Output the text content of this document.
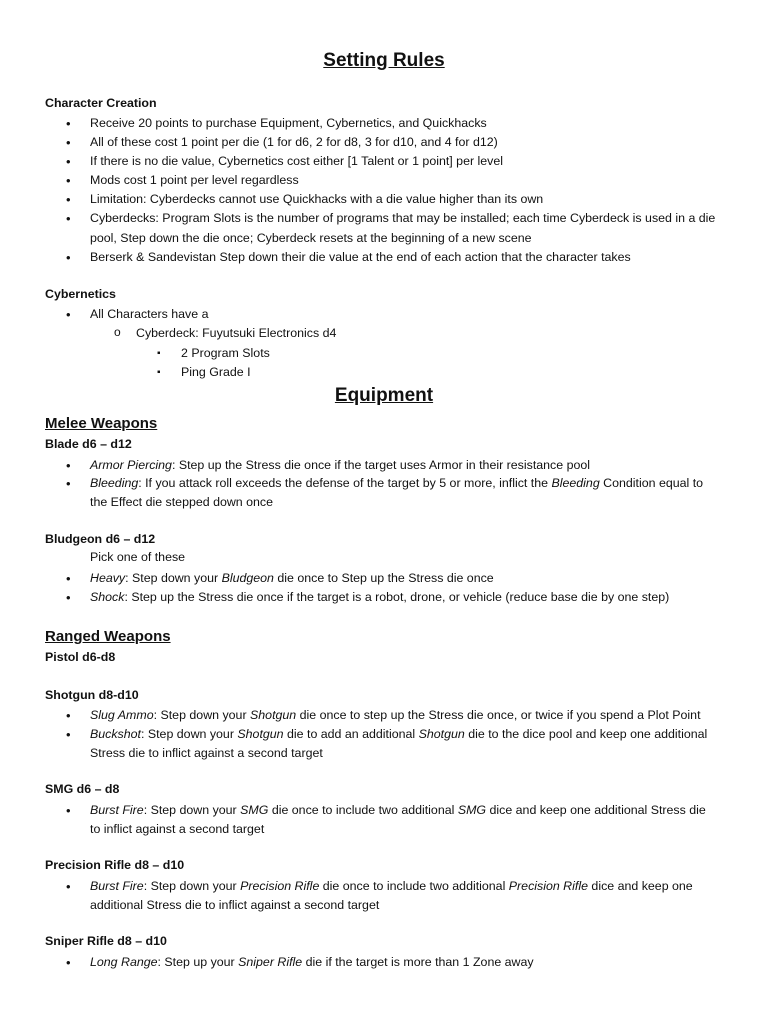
Setting Rules
Character Creation
• Receive 20 points to purchase Equipment, Cybernetics, and Quickhacks
• All of these cost 1 point per die (1 for d6, 2 for d8, 3 for d10, and 4 for d12)
• If there is no die value, Cybernetics cost either [1 Talent or 1 point] per level
• Mods cost 1 point per level regardless
• Limitation: Cyberdecks cannot use Quickhacks with a die value higher than its own
• Cyberdecks: Program Slots is the number of programs that may be installed; each time Cyberdeck is used in a die
pool, Step down the die once; Cyberdeck resets at the beginning of a new scene
• Berserk & Sandevistan Step down their die value at the end of each action that the character takes
Cybernetics
• All Characters have a
o Cyberdeck: Fuyutsuki Electronics d4
▪ 2 Program Slots
▪ Ping Grade I
Equipment
Melee Weapons
Blade d6 – d12
• Armor Piercing: Step up the Stress die once if the target uses Armor in their resistance pool
• Bleeding: If you attack roll exceeds the defense of the target by 5 or more, inflict the Bleeding Condition equal to
the Effect die stepped down once
Bludgeon d6 – d12
Pick one of these
• Heavy: Step down your Bludgeon die once to Step up the Stress die once
• Shock: Step up the Stress die once if the target is a robot, drone, or vehicle (reduce base die by one step)
Ranged Weapons
Pistol d6-d8
Shotgun d8-d10
• Slug Ammo: Step down your Shotgun die once to step up the Stress die once, or twice if you spend a Plot Point
• Buckshot: Step down your Shotgun die to add an additional Shotgun die to the dice pool and keep one additional
Stress die to inflict against a second target
SMG d6 – d8
• Burst Fire: Step down your SMG die once to include two additional SMG dice and keep one additional Stress die
to inflict against a second target
Precision Rifle d8 – d10
• Burst Fire: Step down your Precision Rifle die once to include two additional Precision Rifle dice and keep one
additional Stress die to inflict against a second target
Sniper Rifle d8 – d10
• Long Range: Step up your Sniper Rifle die if the target is more than 1 Zone away
